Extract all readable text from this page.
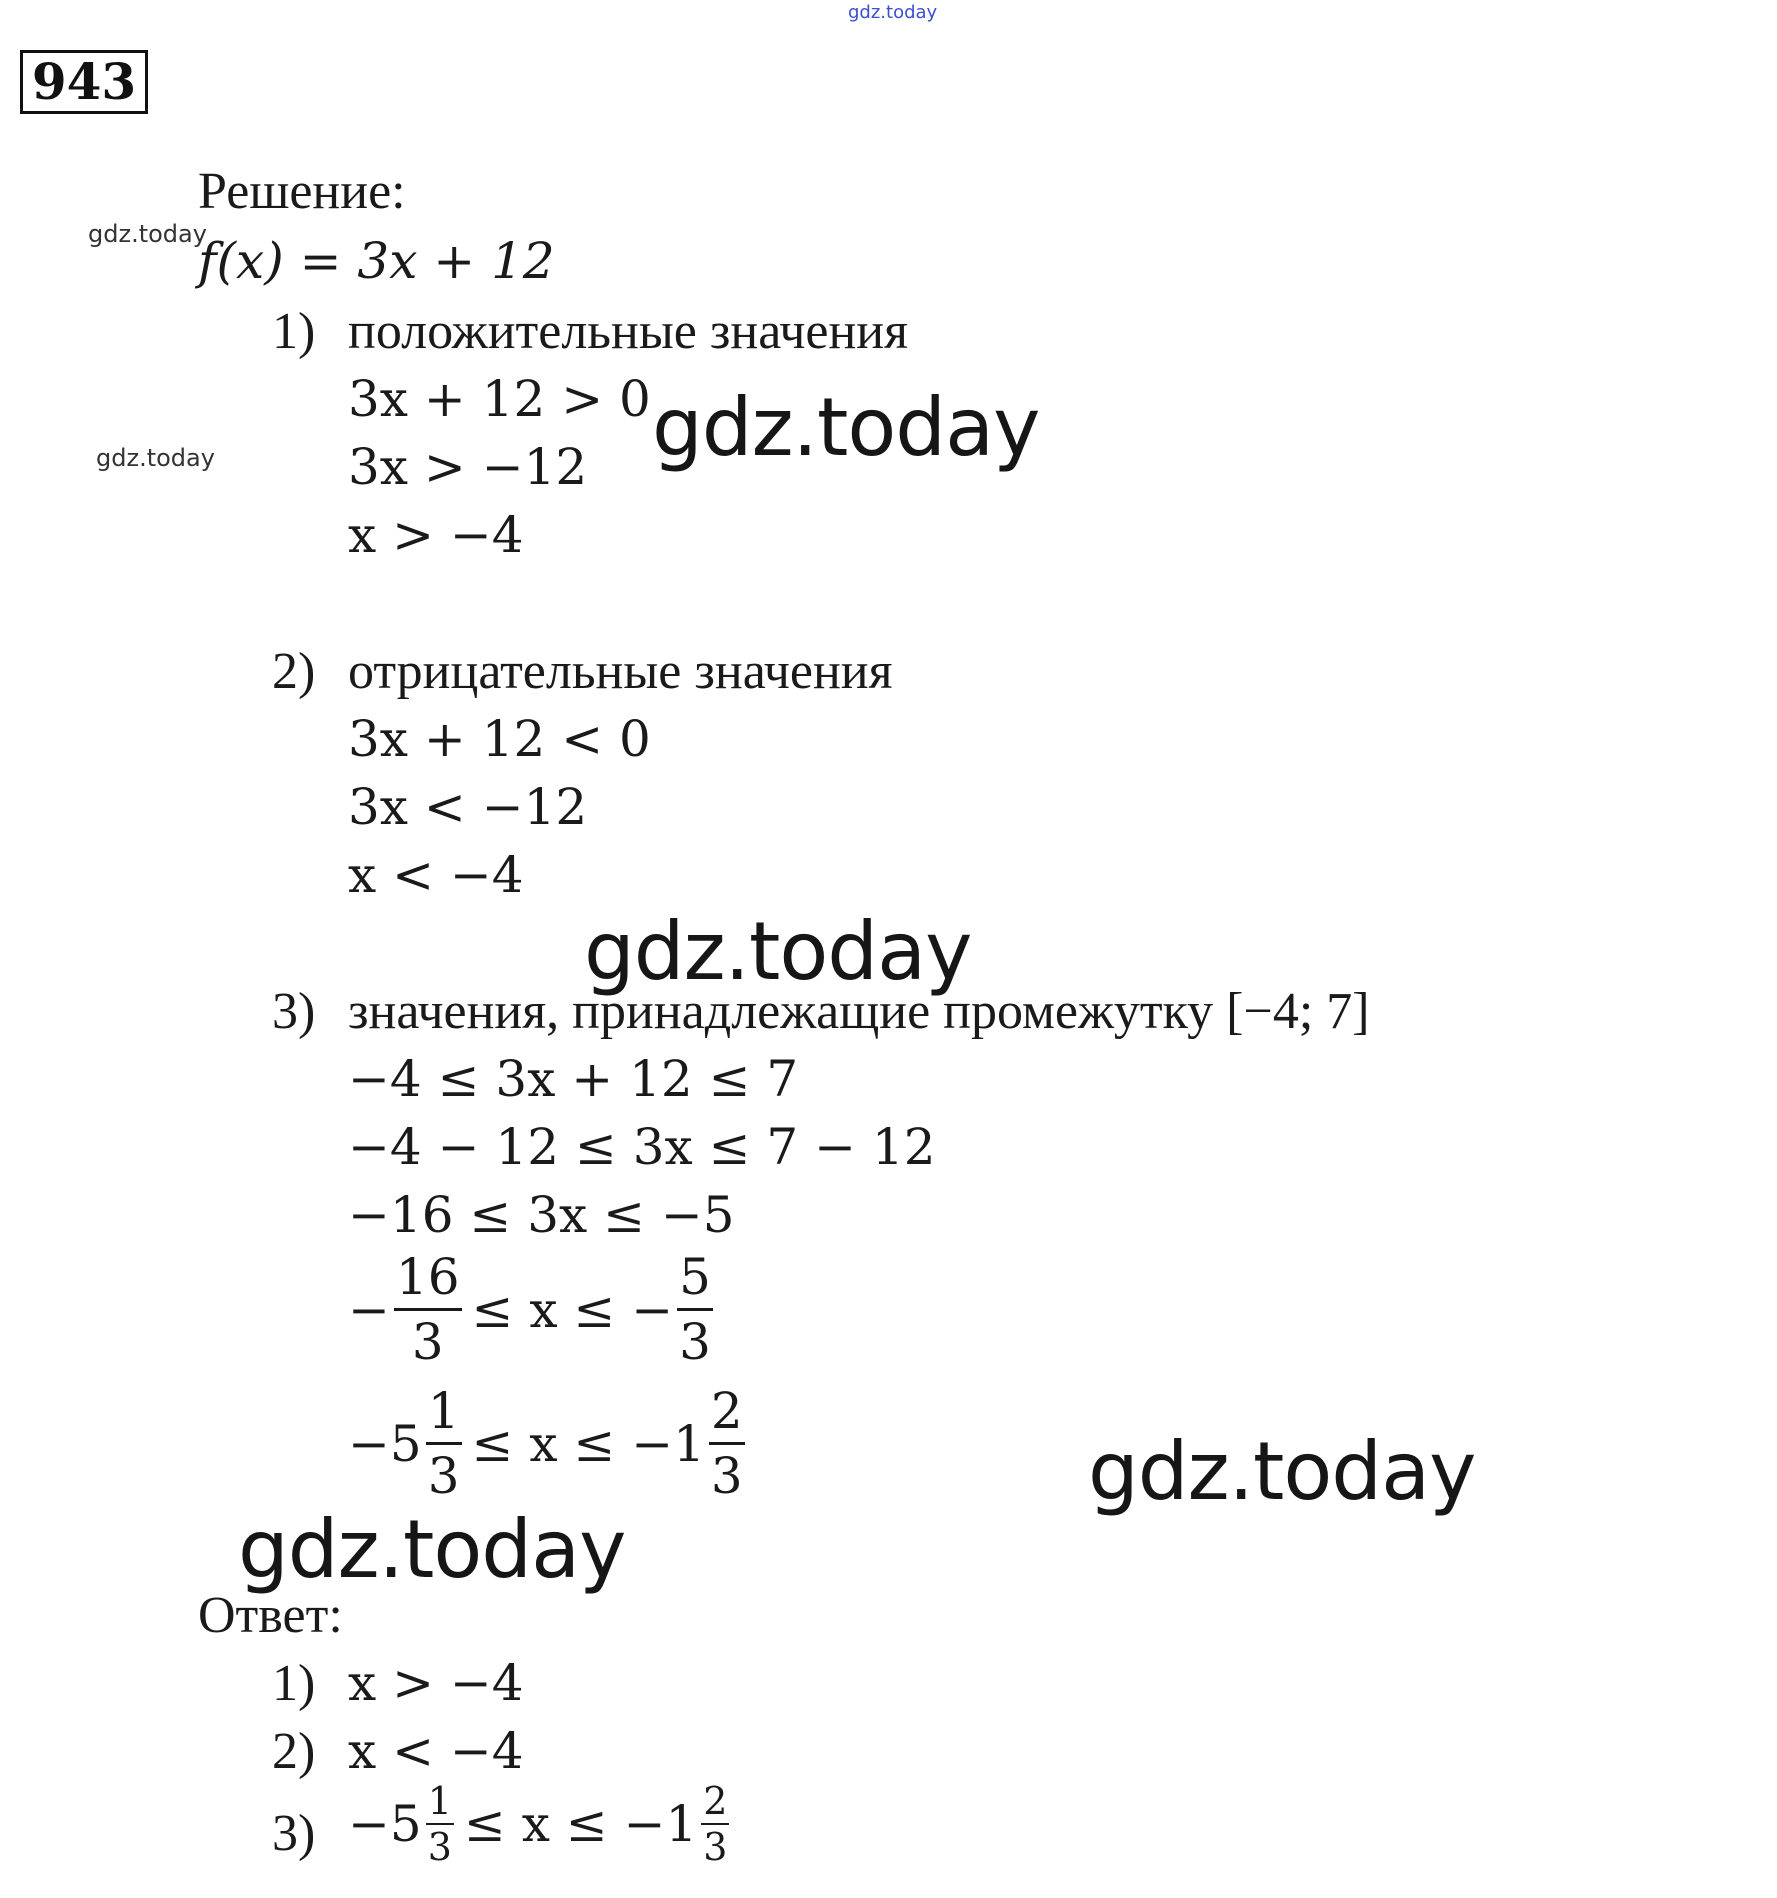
943
Решение:
f(x) = 3x + 12
1) положительные значения
3x + 12 > 0
3x > −12
x > −4
2) отрицательные значения
3x + 12 < 0
3x < −12
x < −4
3) значения, принадлежащие промежутку [−4; 7]
−4 ≤ 3x + 12 ≤ 7
−4 − 12 ≤ 3x ≤ 7 − 12
−16 ≤ 3x ≤ −5
− $\frac{16}{3} \le x$ ≤ − $\frac{5}{3}$
$-5 \frac{1}{3} \le x \le -1 \frac{2}{3}$
Ответ:
1) x > −4
2) x < −4
$3) -5 \frac{1}{3} \le x \le -1 \frac{2}{3}$
gdz.today
gdz.today
gdz.today	gdz.today
gdz.today
gdz.today
gdz.today
